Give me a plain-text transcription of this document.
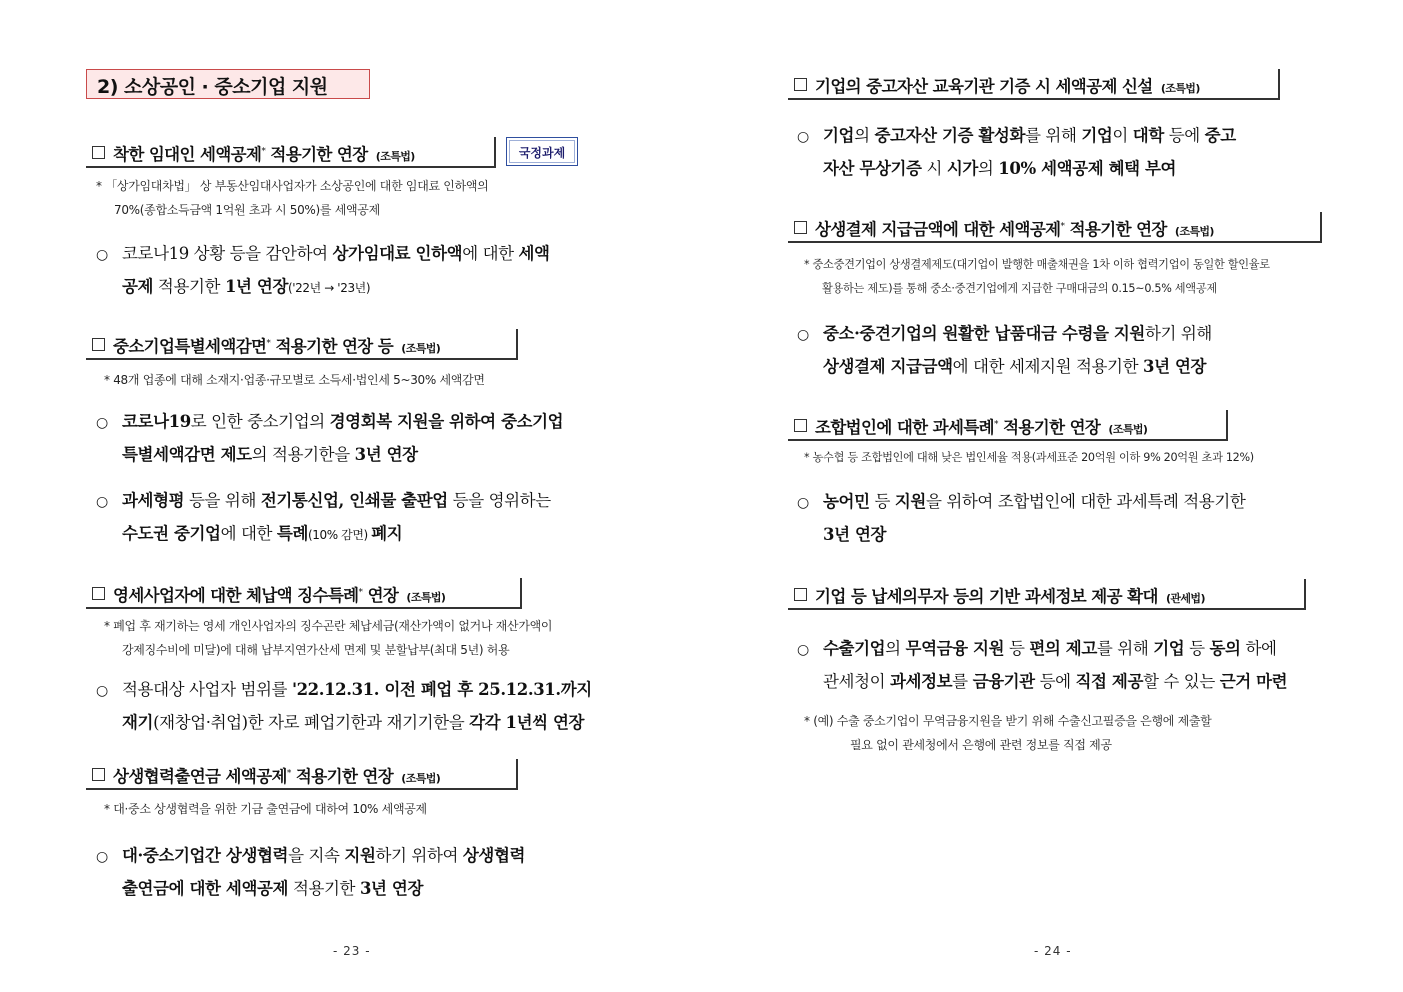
2) 소상공인 · 중소기업 지원
착한 임대인 세액공제* 적용기한 연장 (조특법)	국정과제
* 「상가임대차법」 상 부동산임대사업자가 소상공인에 대한 임대료 인하액의
70%(종합소득금액 1억원 초과 시 50%)를 세액공제
○ 코로나19 상황 등을 감안하여 상가임대료 인하액에 대한 세액
공제 적용기한 1년 연장('22년 → '23년)
중소기업특별세액감면* 적용기한 연장 등 (조특법)
* 48개 업종에 대해 소재지·업종·규모별로 소득세·법인세 5~30% 세액감면
○ 코로나19로 인한 중소기업의 경영회복 지원을 위하여 중소기업
특별세액감면 제도의 적용기한을 3년 연장
○ 과세형평 등을 위해 전기통신업, 인쇄물 출판업 등을 영위하는
수도권 중기업에 대한 특례(10% 감면) 폐지
영세사업자에 대한 체납액 징수특례* 연장 (조특법)
* 폐업 후 재기하는 영세 개인사업자의 징수곤란 체납세금(재산가액이 없거나 재산가액이
강제징수비에 미달)에 대해 납부지연가산세 면제 및 분할납부(최대 5년) 허용
○ 적용대상 사업자 범위를 '22.12.31. 이전 폐업 후 25.12.31.까지
재기(재창업·취업)한 자로 폐업기한과 재기기한을 각각 1년씩 연장
상생협력출연금 세액공제* 적용기한 연장 (조특법)
* 대·중소 상생협력을 위한 기금 출연금에 대하여 10% 세액공제
○ 대·중소기업간 상생협력을 지속 지원하기 위하여 상생협력
출연금에 대한 세액공제 적용기한 3년 연장
- 23 -
기업의 중고자산 교육기관 기증 시 세액공제 신설 (조특법)
○ 기업의 중고자산 기증 활성화를 위해 기업이 대학 등에 중고
자산 무상기증 시 시가의 10% 세액공제 혜택 부여
상생결제 지급금액에 대한 세액공제* 적용기한 연장 (조특법)
* 중소중견기업이 상생결제제도(대기업이 발행한 매출채권을 1차 이하 협력기업이 동일한 할인율로
활용하는 제도)를 통해 중소·중견기업에게 지급한 구매대금의 0.15~0.5% 세액공제
○ 중소·중견기업의 원활한 납품대금 수령을 지원하기 위해
상생결제 지급금액에 대한 세제지원 적용기한 3년 연장
조합법인에 대한 과세특례* 적용기한 연장 (조특법)
* 농수협 등 조합법인에 대해 낮은 법인세율 적용(과세표준 20억원 이하 9% 20억원 초과 12%)
○ 농어민 등 지원을 위하여 조합법인에 대한 과세특례 적용기한
3년 연장
기업 등 납세의무자 등의 기반 과세정보 제공 확대 (관세법)
○ 수출기업의 무역금융 지원 등 편의 제고를 위해 기업 등 동의 하에
관세청이 과세정보를 금융기관 등에 직접 제공할 수 있는 근거 마련
* (예) 수출 중소기업이 무역금융지원을 받기 위해 수출신고필증을 은행에 제출할
필요 없이 관세청에서 은행에 관련 정보를 직접 제공
- 24 -
